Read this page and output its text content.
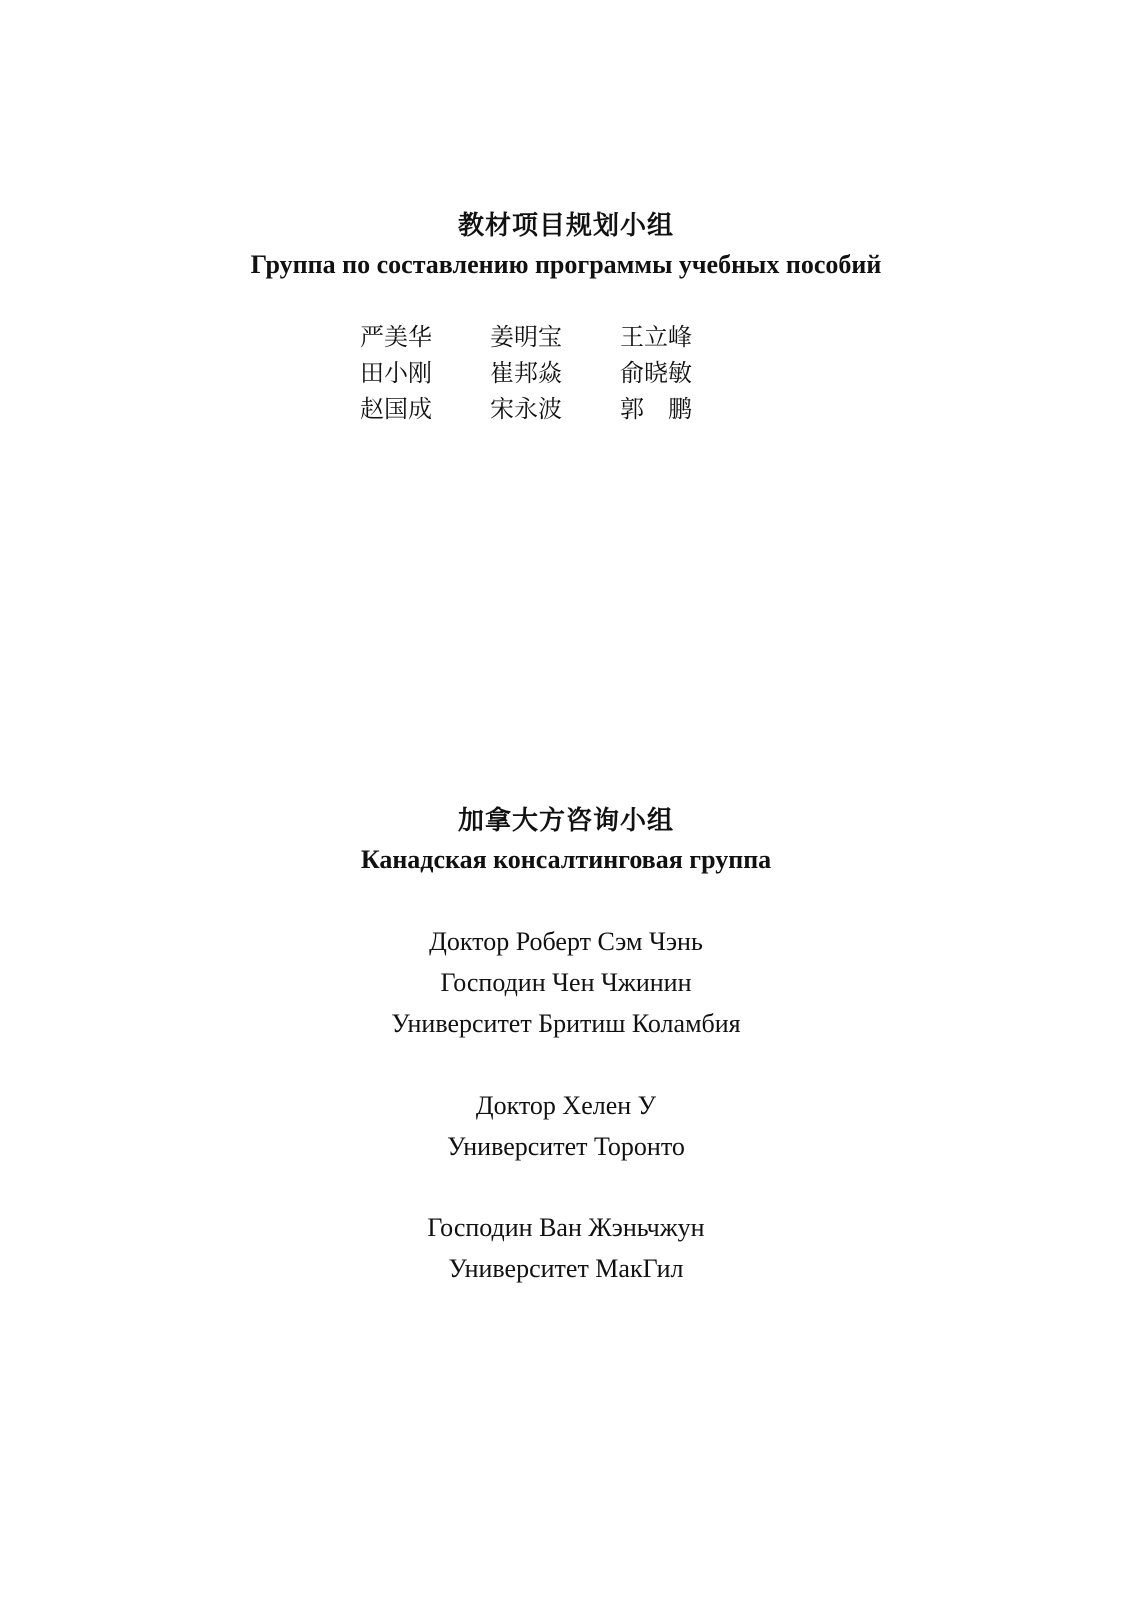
教材项目规划小组
Группа по составлению программы учебных пособий
严美华	姜明宝	王立峰
田小刚	崔邦焱	俞晓敏
赵国成	宋永波	郭　鹏
加拿大方咨询小组
Канадская консалтинговая группа
Доктор Роберт Сэм Чэнь
Господин Чен Чжинин
Университет Бритиш Коламбия
Доктор Хелен У
Университет Торонто
Господин Ван Жэньчжун
Университет МакГил
